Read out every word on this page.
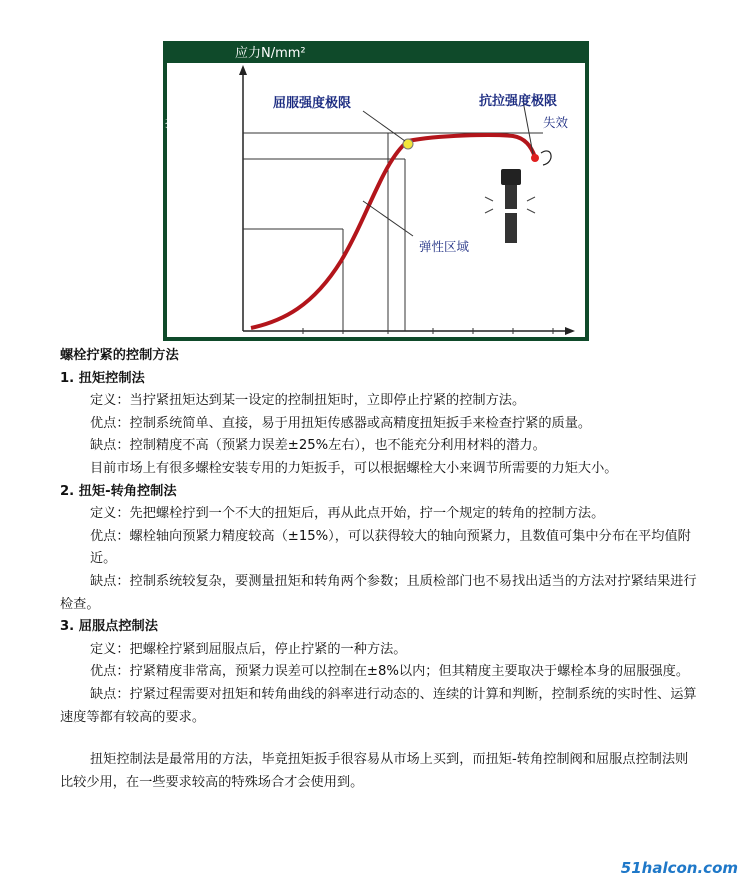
应力N/mm²
抗拉强度
85%
50%
屈服强度极限	抗拉强度极限
失效
弹性区域

螺栓拧紧的控制方法

1. 扭矩控制法

定义：当拧紧扭矩达到某一设定的控制扭矩时，立即停止拧紧的控制方法。

优点：控制系统简单、直接，易于用扭矩传感器或高精度扭矩扳手来检查拧紧的质量。

缺点：控制精度不高（预紧力误差±25%左右），也不能充分利用材料的潜力。

目前市场上有很多螺栓安装专用的力矩扳手，可以根据螺栓大小来调节所需要的力矩大小。

2. 扭矩-转角控制法

定义：先把螺栓拧到一个不大的扭矩后，再从此点开始，拧一个规定的转角的控制方法。

优点：螺栓轴向预紧力精度较高（±15%），可以获得较大的轴向预紧力，且数值可集中分布在平均值附近。

缺点：控制系统较复杂，要测量扭矩和转角两个参数；且质检部门也不易找出适当的方法对拧紧结果进行检查。

3. 屈服点控制法

定义：把螺栓拧紧到屈服点后，停止拧紧的一种方法。

优点：拧紧精度非常高，预紧力误差可以控制在±8%以内；但其精度主要取决于螺栓本身的屈服强度。

缺点：拧紧过程需要对扭矩和转角曲线的斜率进行动态的、连续的计算和判断，控制系统的实时性、运算速度等都有较高的要求。

扭矩控制法是最常用的方法，毕竟扭矩扳手很容易从市场上买到，而扭矩-转角控制阀和屈服点控制法则比较少用，在一些要求较高的特殊场合才会使用到。

51halcon.com
